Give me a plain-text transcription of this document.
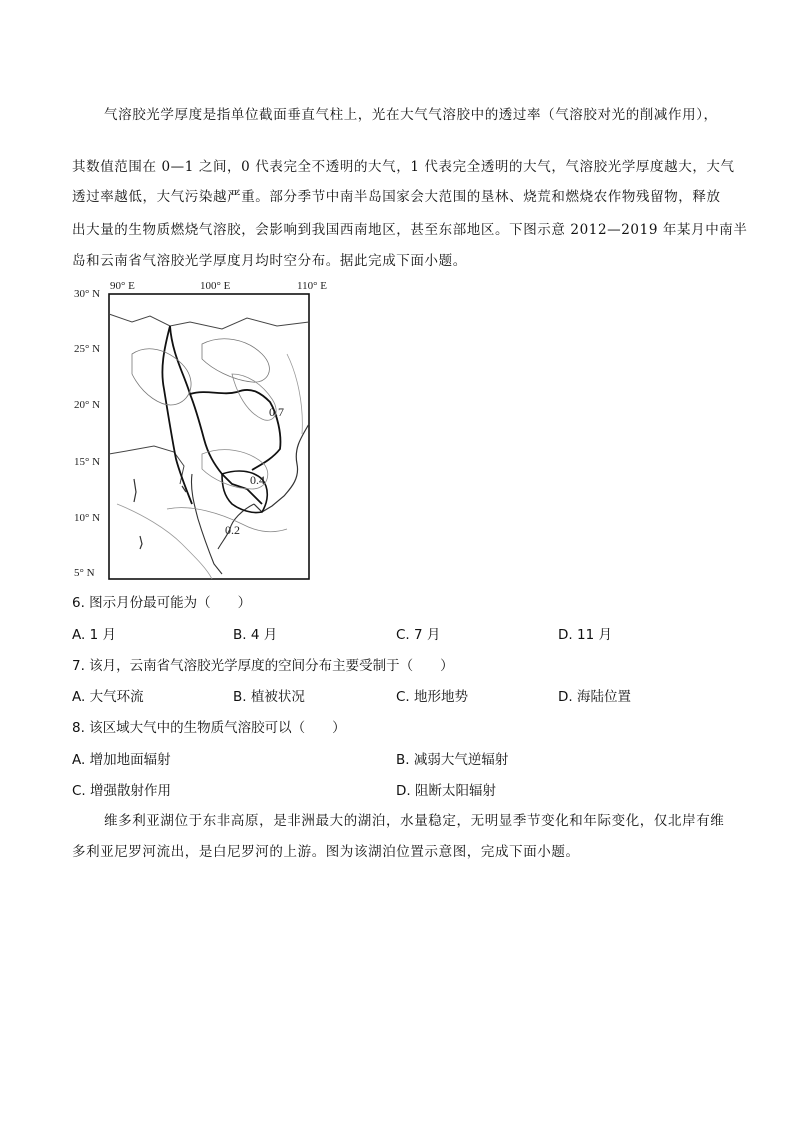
气溶胶光学厚度是指单位截面垂直气柱上，光在大气气溶胶中的透过率（气溶胶对光的削减作用），
其数值范围在 0—1 之间，0 代表完全不透明的大气，1 代表完全透明的大气，气溶胶光学厚度越大，大气
透过率越低，大气污染越严重。部分季节中南半岛国家会大范围的垦林、烧荒和燃烧农作物残留物，释放
出大量的生物质燃烧气溶胶，会影响到我国西南地区，甚至东部地区。下图示意 2012—2019 年某月中南半
岛和云南省气溶胶光学厚度月均时空分布。据此完成下面小题。
90° E	100° E	110° E
30° N
25° N
20° N
15° N
10° N
5° N
0.7
0.4
0.2
6. 图示月份最可能为（　　）
A. 1 月	B. 4 月	C. 7 月	D. 11 月
7. 该月，云南省气溶胶光学厚度的空间分布主要受制于（　　）
A. 大气环流	B. 植被状况	C. 地形地势	D. 海陆位置
8. 该区域大气中的生物质气溶胶可以（　　）
A. 增加地面辐射	B. 减弱大气逆辐射
C. 增强散射作用	D. 阻断太阳辐射
维多利亚湖位于东非高原，是非洲最大的湖泊，水量稳定，无明显季节变化和年际变化，仅北岸有维
多利亚尼罗河流出，是白尼罗河的上游。图为该湖泊位置示意图，完成下面小题。
